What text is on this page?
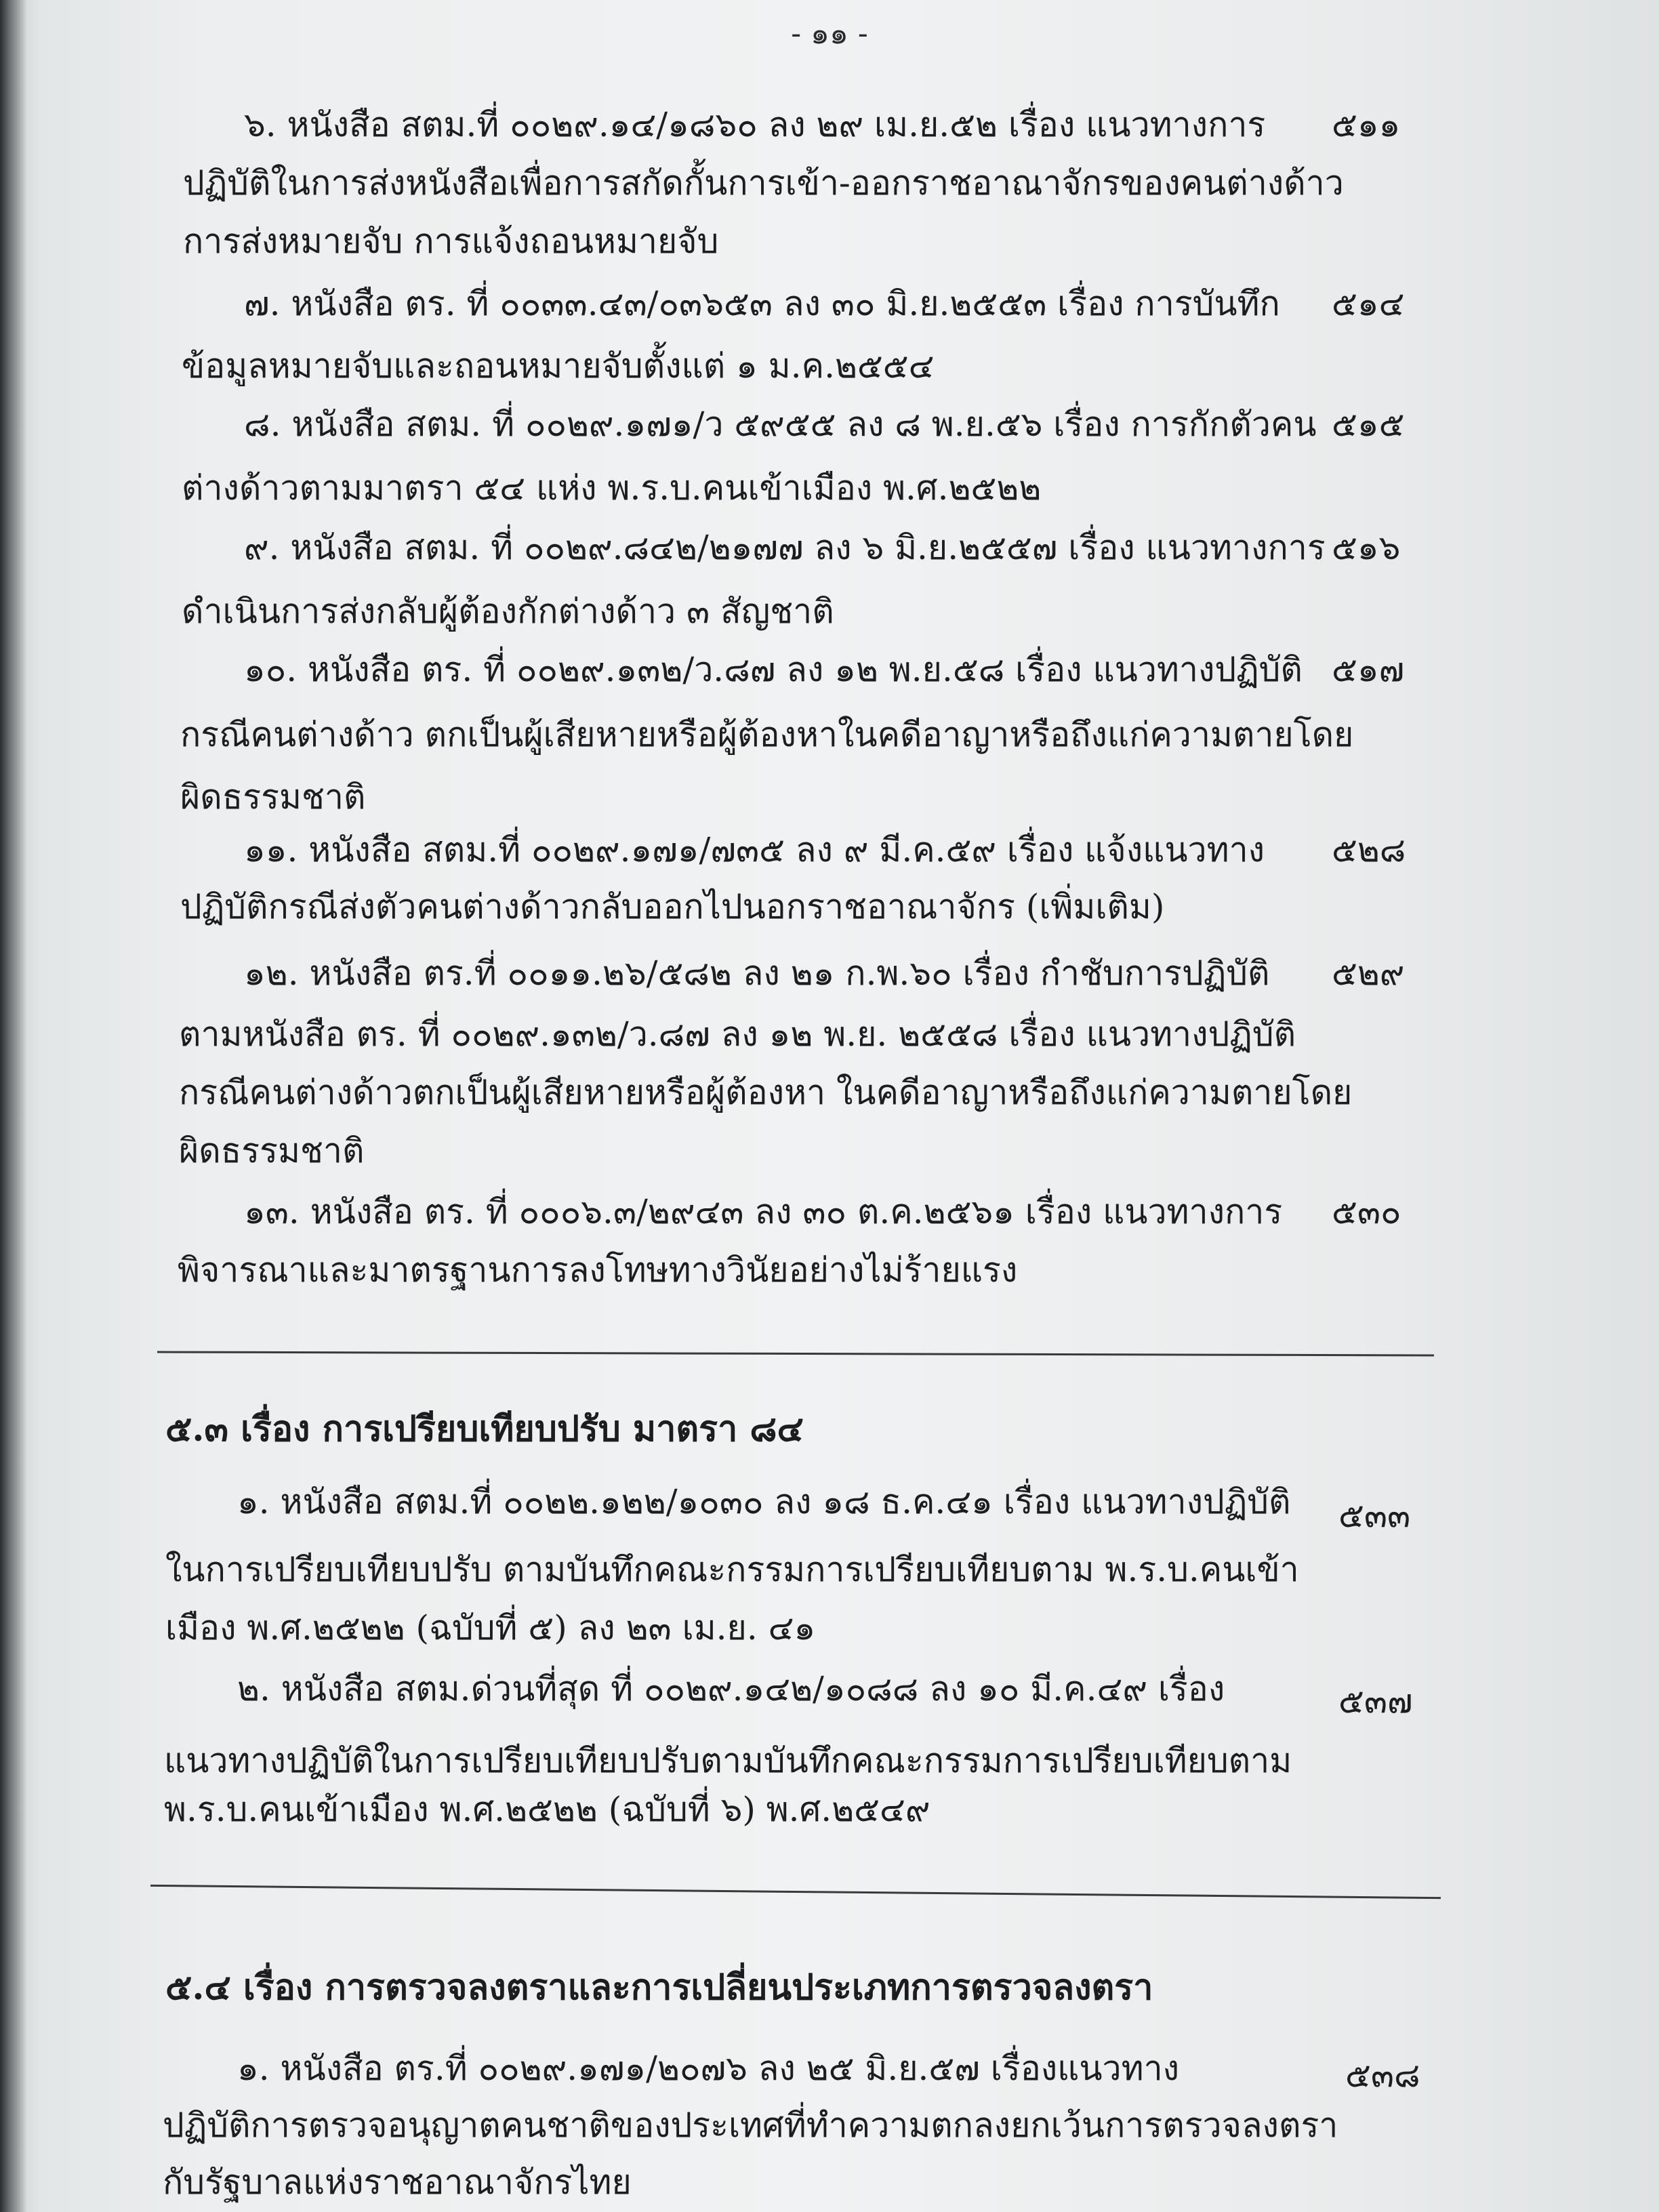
- ๑๑ -
๖. หนังสือ สตม.ที่ ๐๐๒๙.๑๔/๑๘๖๐ ลง ๒๙ เม.ย.๕๒ เรื่อง แนวทางการ
ปฏิบัติในการส่งหนังสือเพื่อการสกัดกั้นการเข้า-ออกราชอาณาจักรของคนต่างด้าว
การส่งหมายจับ การแจ้งถอนหมายจับ
๕๑๑
๗. หนังสือ ตร. ที่ ๐๐๓๓.๔๓/๐๓๖๕๓ ลง ๓๐ มิ.ย.๒๕๕๓ เรื่อง การบันทึก
ข้อมูลหมายจับและถอนหมายจับตั้งแต่ ๑ ม.ค.๒๕๕๔
๕๑๔
๘. หนังสือ สตม. ที่ ๐๐๒๙.๑๗๑/ว ๕๙๕๕ ลง ๘ พ.ย.๕๖ เรื่อง การกักตัวคน
ต่างด้าวตามมาตรา ๕๔ แห่ง พ.ร.บ.คนเข้าเมือง พ.ศ.๒๕๒๒
๕๑๕
๙. หนังสือ สตม. ที่ ๐๐๒๙.๘๔๒/๒๑๗๗ ลง ๖ มิ.ย.๒๕๕๗ เรื่อง แนวทางการ
ดำเนินการส่งกลับผู้ต้องกักต่างด้าว ๓ สัญชาติ
๕๑๖
๑๐. หนังสือ ตร. ที่ ๐๐๒๙.๑๓๒/ว.๘๗ ลง ๑๒ พ.ย.๕๘ เรื่อง แนวทางปฏิบัติ
กรณีคนต่างด้าว ตกเป็นผู้เสียหายหรือผู้ต้องหาในคดีอาญาหรือถึงแก่ความตายโดย
ผิดธรรมชาติ
๕๑๗
๑๑. หนังสือ สตม.ที่ ๐๐๒๙.๑๗๑/๗๓๕ ลง ๙ มี.ค.๕๙ เรื่อง แจ้งแนวทาง
ปฏิบัติกรณีส่งตัวคนต่างด้าวกลับออกไปนอกราชอาณาจักร (เพิ่มเติม)
๕๒๘
๑๒. หนังสือ ตร.ที่ ๐๐๑๑.๒๖/๕๘๒ ลง ๒๑ ก.พ.๖๐ เรื่อง กำชับการปฏิบัติ
ตามหนังสือ ตร. ที่ ๐๐๒๙.๑๓๒/ว.๘๗ ลง ๑๒ พ.ย. ๒๕๕๘ เรื่อง แนวทางปฏิบัติ
กรณีคนต่างด้าวตกเป็นผู้เสียหายหรือผู้ต้องหา ในคดีอาญาหรือถึงแก่ความตายโดย
ผิดธรรมชาติ
๕๒๙
๑๓. หนังสือ ตร. ที่ ๐๐๐๖.๓/๒๙๔๓ ลง ๓๐ ต.ค.๒๕๖๑ เรื่อง แนวทางการ
พิจารณาและมาตรฐานการลงโทษทางวินัยอย่างไม่ร้ายแรง
๕๓๐
๕.๓ เรื่อง การเปรียบเทียบปรับ มาตรา ๘๔
๑. หนังสือ สตม.ที่ ๐๐๒๒.๑๒๒/๑๐๓๐ ลง ๑๘ ธ.ค.๔๑ เรื่อง แนวทางปฏิบัติ
ในการเปรียบเทียบปรับ ตามบันทึกคณะกรรมการเปรียบเทียบตาม พ.ร.บ.คนเข้า
เมือง พ.ศ.๒๕๒๒ (ฉบับที่ ๕) ลง ๒๓ เม.ย. ๔๑
๕๓๓
๒. หนังสือ สตม.ด่วนที่สุด ที่ ๐๐๒๙.๑๔๒/๑๐๘๘ ลง ๑๐ มี.ค.๔๙ เรื่อง
แนวทางปฏิบัติในการเปรียบเทียบปรับตามบันทึกคณะกรรมการเปรียบเทียบตาม
พ.ร.บ.คนเข้าเมือง พ.ศ.๒๕๒๒ (ฉบับที่ ๖) พ.ศ.๒๕๔๙
๕๓๗
๕.๔ เรื่อง การตรวจลงตราและการเปลี่ยนประเภทการตรวจลงตรา
๑. หนังสือ ตร.ที่ ๐๐๒๙.๑๗๑/๒๐๗๖ ลง ๒๕ มิ.ย.๕๗ เรื่องแนวทาง
ปฏิบัติการตรวจอนุญาตคนชาติของประเทศที่ทำความตกลงยกเว้นการตรวจลงตรา
กับรัฐบาลแห่งราชอาณาจักรไทย
๕๓๘
